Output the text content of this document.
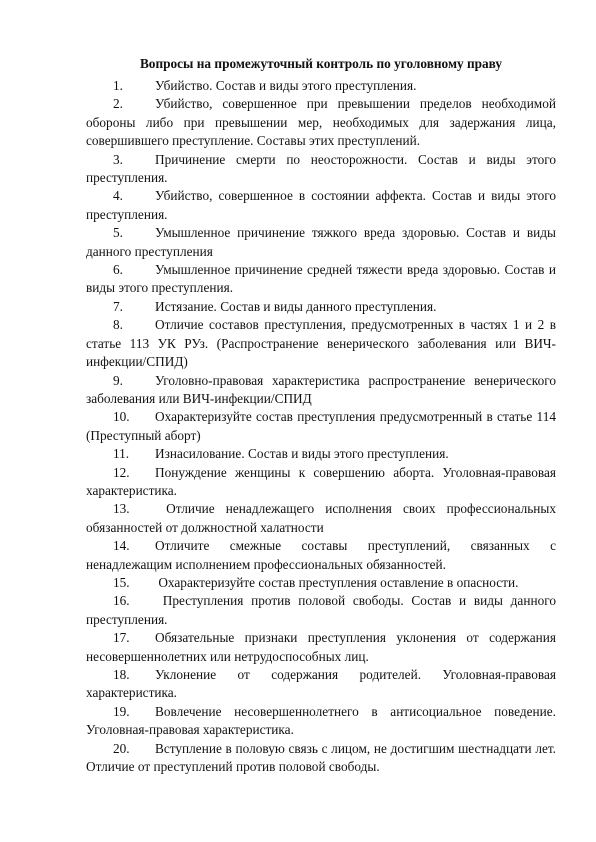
Вопросы на промежуточный контроль по уголовному праву

1. Убийство. Состав и виды этого преступления.

2. Убийство, совершенное при превышении пределов необходимой обороны либо при превышении мер, необходимых для задержания лица, совершившего преступление. Составы этих преступлений.

3. Причинение смерти по неосторожности. Состав и виды этого преступления.

4. Убийство, совершенное в состоянии аффекта. Состав и виды этого преступления.

5. Умышленное причинение тяжкого вреда здоровью. Состав и виды данного преступления

6. Умышленное причинение средней тяжести вреда здоровью. Состав и виды этого преступления.

7. Истязание. Состав и виды данного преступления.

8. Отличие составов преступления, предусмотренных в частях 1 и 2 в статье 113 УК РУз. (Распространение венерического заболевания или ВИЧ-инфекции/СПИД)

9. Уголовно-правовая характеристика распространение венерического заболевания или ВИЧ-инфекции/СПИД

10. Охарактеризуйте состав преступления предусмотренный в статье 114 (Преступный аборт)

11. Изнасилование. Состав и виды этого преступления.

12. Понуждение женщины к совершению аборта. Уголовная-правовая характеристика.

13. Отличие ненадлежащего исполнения своих профессиональных обязанностей от должностной халатности

14. Отличите смежные составы преступлений, связанных с ненадлежащим исполнением профессиональных обязанностей.

15. Охарактеризуйте состав преступления оставление в опасности.

16. Преступления против половой свободы. Состав и виды данного преступления.

17. Обязательные признаки преступления уклонения от содержания несовершеннолетних или нетрудоспособных лиц.

18. Уклонение от содержания родителей. Уголовная-правовая характеристика.

19. Вовлечение несовершеннолетнего в антисоциальное поведение. Уголовная-правовая характеристика.

20. Вступление в половую связь с лицом, не достигшим шестнадцати лет. Отличие от преступлений против половой свободы.
